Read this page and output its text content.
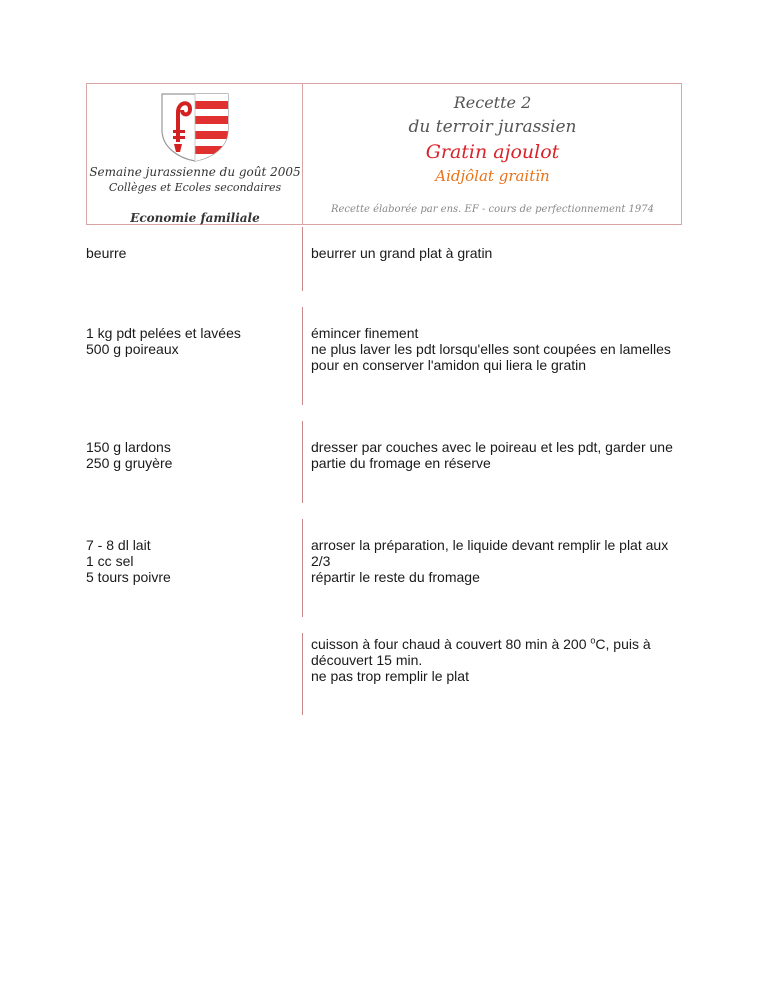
Semaine jurassienne du goût 2005
Collèges et Ecoles secondaires
Economie familiale
Recette 2
du terroir jurassien
Gratin ajoulot
Aidjôlat graitïn
Recette élaborée par ens. EF - cours de perfectionnement 1974
beurre	beurrer un grand plat à gratin
1 kg pdt pelées et lavées
500 g poireaux
émincer finement
ne plus laver les pdt lorsqu'elles sont coupées en lamelles pour en conserver l'amidon qui liera le gratin
150 g lardons
250 g gruyère
dresser par couches avec le poireau et les pdt, garder une partie du fromage en réserve
7 - 8 dl lait
1 cc sel
5 tours poivre
arroser la préparation, le liquide devant remplir le plat aux 2/3
répartir le reste du fromage
cuisson à four chaud à couvert 80 min à 200 $^o$C, puis à découvert 15 min.
ne pas trop remplir le plat
